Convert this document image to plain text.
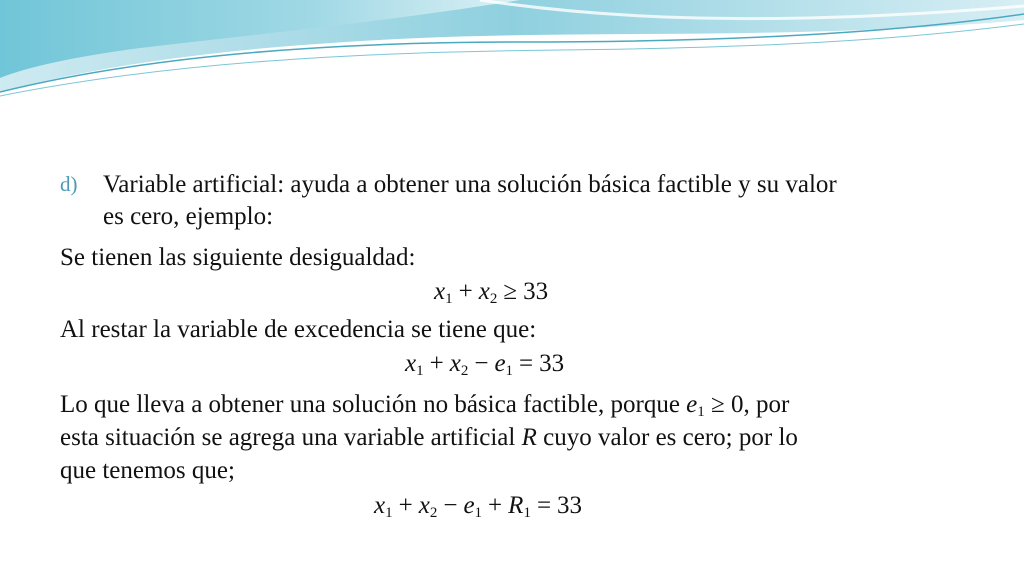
d) Variable artificial: ayuda a obtener una solución básica factible y su valor
es cero, ejemplo:
Se tienen las siguiente desigualdad:
$x_1 + x_2 \ge 33$
Al restar la variable de excedencia se tiene que:
$x_1 + x_2 - e_1 = 33$
Lo que lleva a obtener una solución no básica factible, porque $e_1 \ge 0$, por
esta situación se agrega una variable artificial R cuyo valor es cero; por lo
que tenemos que;
$x_1 + x_2 - e_1 + R_1 = 33$
